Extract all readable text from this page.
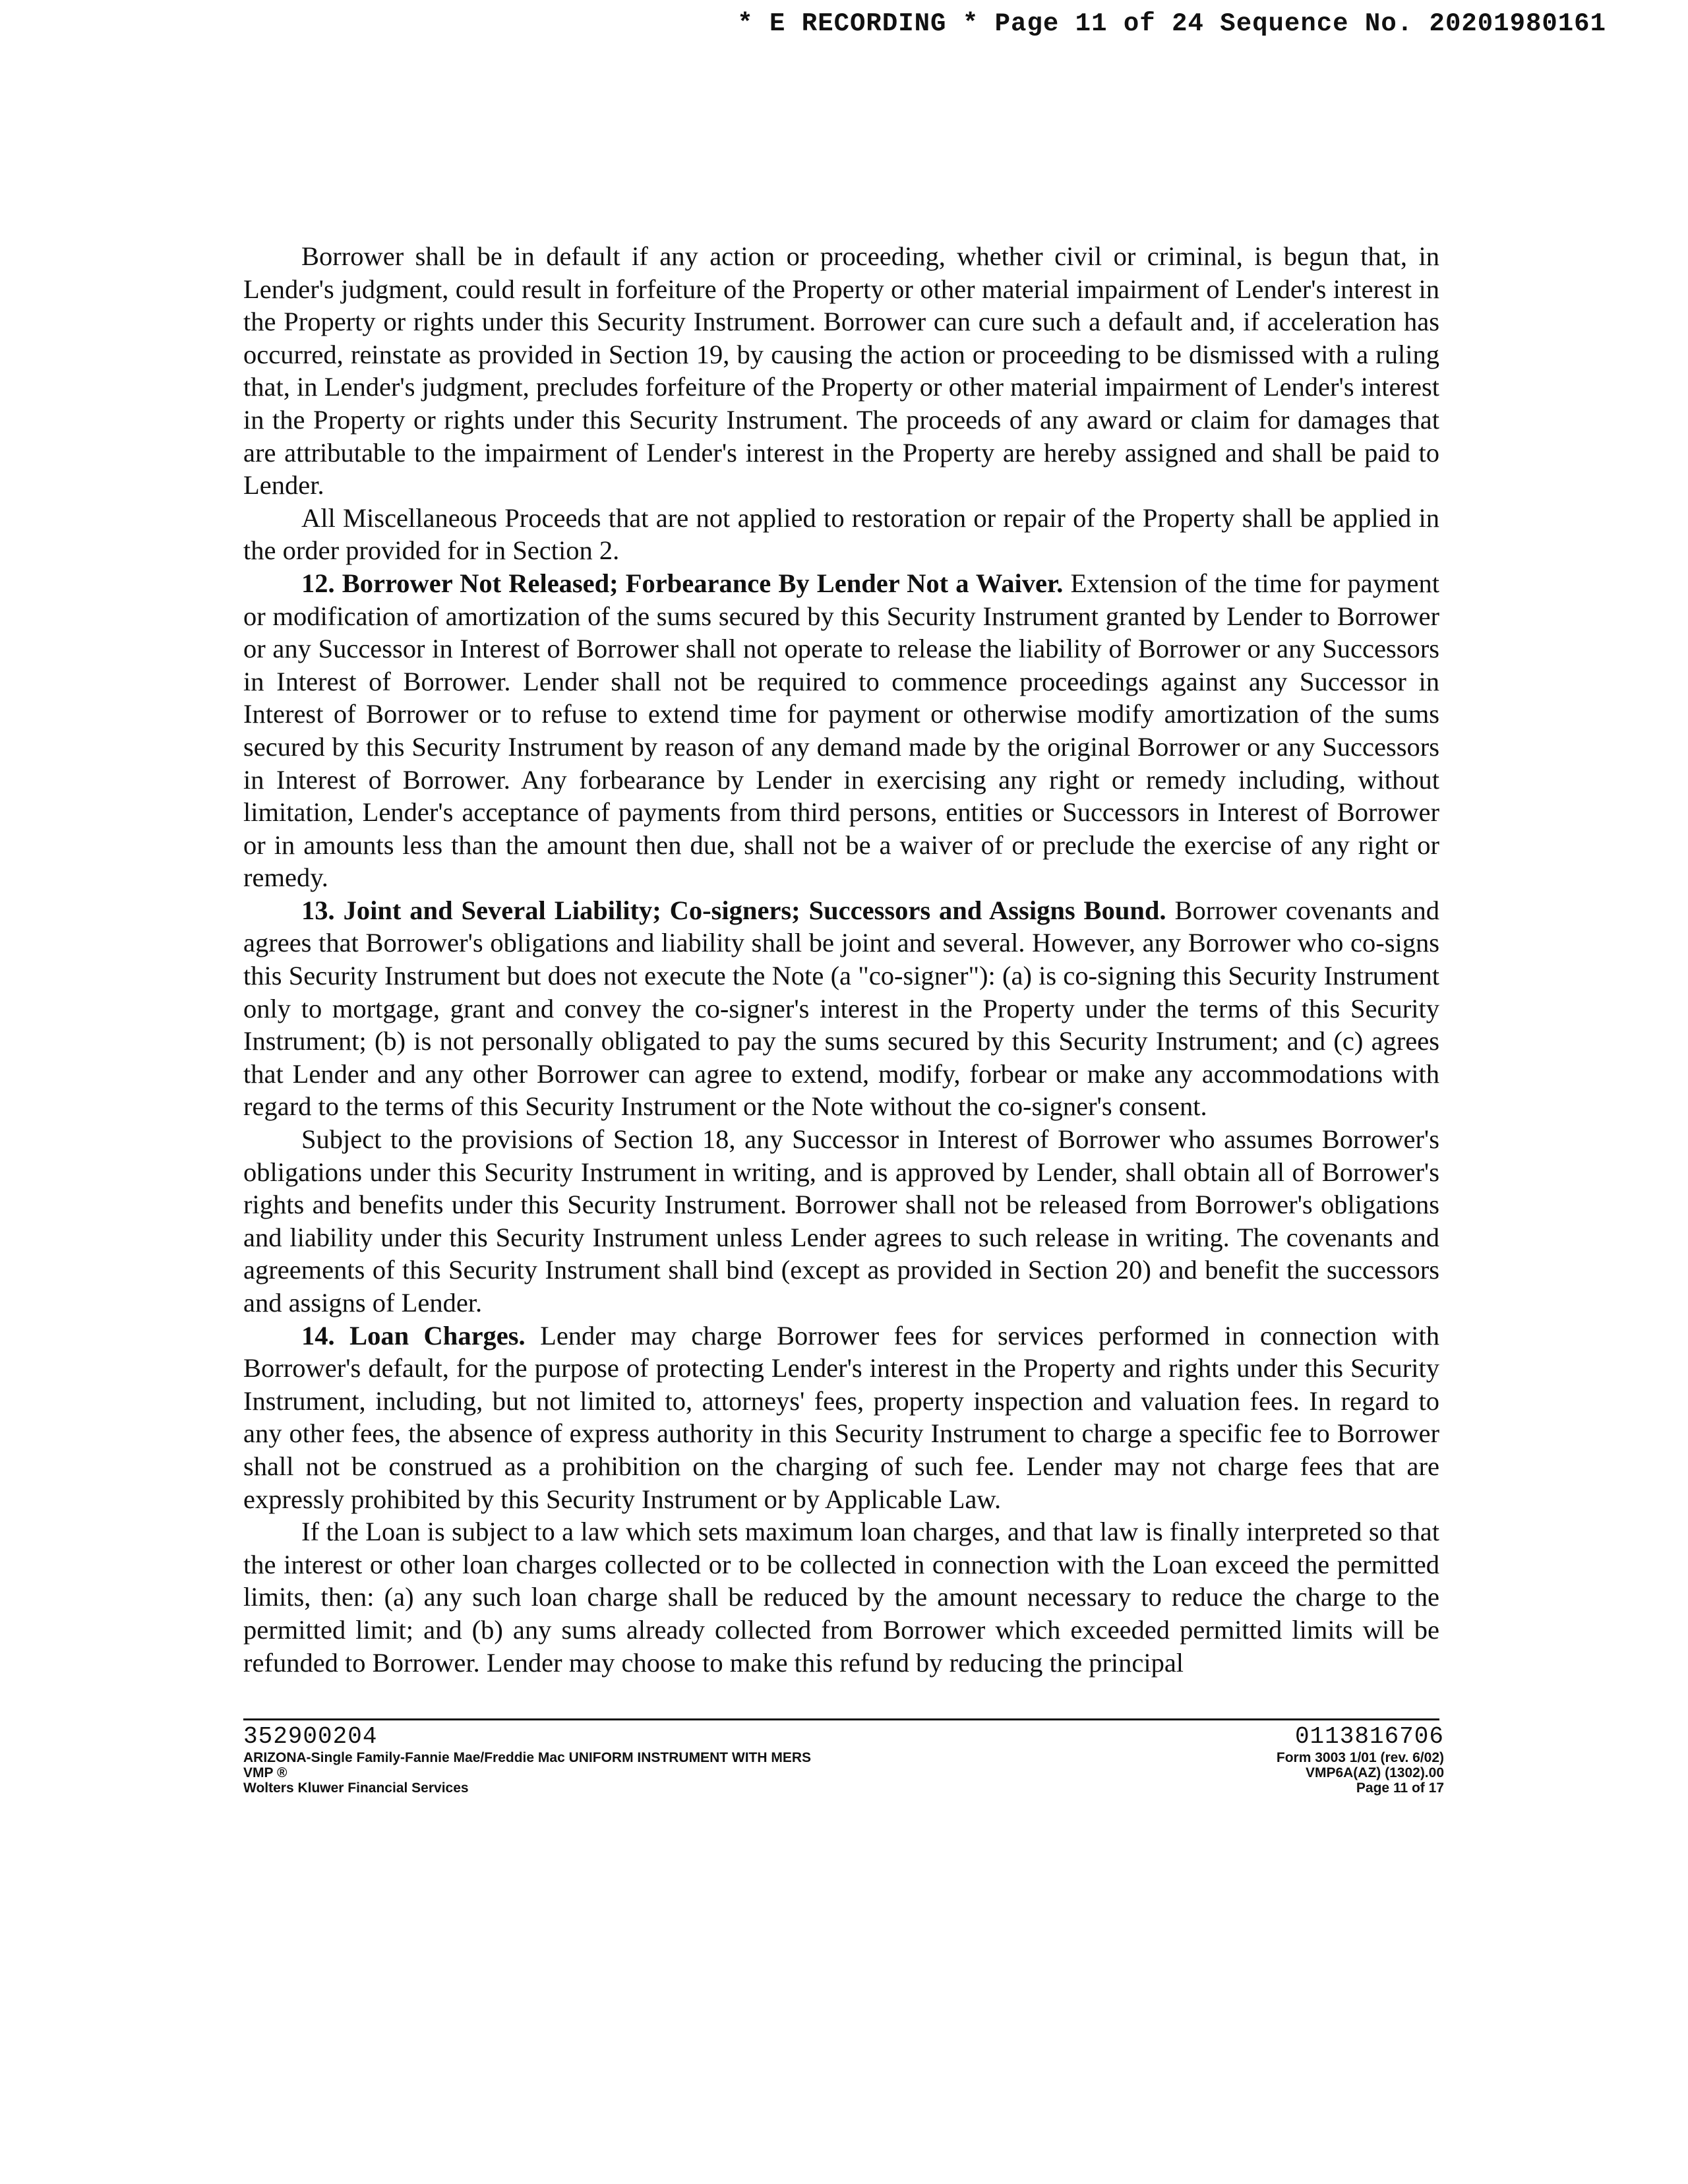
* E RECORDING * Page 11 of 24 Sequence No. 20201980161

Borrower shall be in default if any action or proceeding, whether civil or criminal, is begun that, in Lender's judgment, could result in forfeiture of the Property or other material impairment of Lender's interest in the Property or rights under this Security Instrument. Borrower can cure such a default and, if acceleration has occurred, reinstate as provided in Section 19, by causing the action or proceeding to be dismissed with a ruling that, in Lender's judgment, precludes forfeiture of the Property or other material impairment of Lender's interest in the Property or rights under this Security Instrument. The proceeds of any award or claim for damages that are attributable to the impairment of Lender's interest in the Property are hereby assigned and shall be paid to Lender.

All Miscellaneous Proceeds that are not applied to restoration or repair of the Property shall be applied in the order provided for in Section 2.

12. Borrower Not Released; Forbearance By Lender Not a Waiver. Extension of the time for payment or modification of amortization of the sums secured by this Security Instrument granted by Lender to Borrower or any Successor in Interest of Borrower shall not operate to release the liability of Borrower or any Successors in Interest of Borrower. Lender shall not be required to commence proceedings against any Successor in Interest of Borrower or to refuse to extend time for payment or otherwise modify amortization of the sums secured by this Security Instrument by reason of any demand made by the original Borrower or any Successors in Interest of Borrower. Any forbearance by Lender in exercising any right or remedy including, without limitation, Lender's acceptance of payments from third persons, entities or Successors in Interest of Borrower or in amounts less than the amount then due, shall not be a waiver of or preclude the exercise of any right or remedy.

13. Joint and Several Liability; Co-signers; Successors and Assigns Bound. Borrower covenants and agrees that Borrower's obligations and liability shall be joint and several. However, any Borrower who co-signs this Security Instrument but does not execute the Note (a "co-signer"): (a) is co-signing this Security Instrument only to mortgage, grant and convey the co-signer's interest in the Property under the terms of this Security Instrument; (b) is not personally obligated to pay the sums secured by this Security Instrument; and (c) agrees that Lender and any other Borrower can agree to extend, modify, forbear or make any accommodations with regard to the terms of this Security Instrument or the Note without the co-signer's consent.

Subject to the provisions of Section 18, any Successor in Interest of Borrower who assumes Borrower's obligations under this Security Instrument in writing, and is approved by Lender, shall obtain all of Borrower's rights and benefits under this Security Instrument. Borrower shall not be released from Borrower's obligations and liability under this Security Instrument unless Lender agrees to such release in writing. The covenants and agreements of this Security Instrument shall bind (except as provided in Section 20) and benefit the successors and assigns of Lender.

14. Loan Charges. Lender may charge Borrower fees for services performed in connection with Borrower's default, for the purpose of protecting Lender's interest in the Property and rights under this Security Instrument, including, but not limited to, attorneys' fees, property inspection and valuation fees. In regard to any other fees, the absence of express authority in this Security Instrument to charge a specific fee to Borrower shall not be construed as a prohibition on the charging of such fee. Lender may not charge fees that are expressly prohibited by this Security Instrument or by Applicable Law.

If the Loan is subject to a law which sets maximum loan charges, and that law is finally interpreted so that the interest or other loan charges collected or to be collected in connection with the Loan exceed the permitted limits, then: (a) any such loan charge shall be reduced by the amount necessary to reduce the charge to the permitted limit; and (b) any sums already collected from Borrower which exceeded permitted limits will be refunded to Borrower. Lender may choose to make this refund by reducing the principal

352900204
ARIZONA-Single Family-Fannie Mae/Freddie Mac UNIFORM INSTRUMENT WITH MERS
VMP ®
Wolters Kluwer Financial Services
0113816706
Form 3003 1/01 (rev. 6/02)
VMP6A(AZ) (1302).00
Page 11 of 17
